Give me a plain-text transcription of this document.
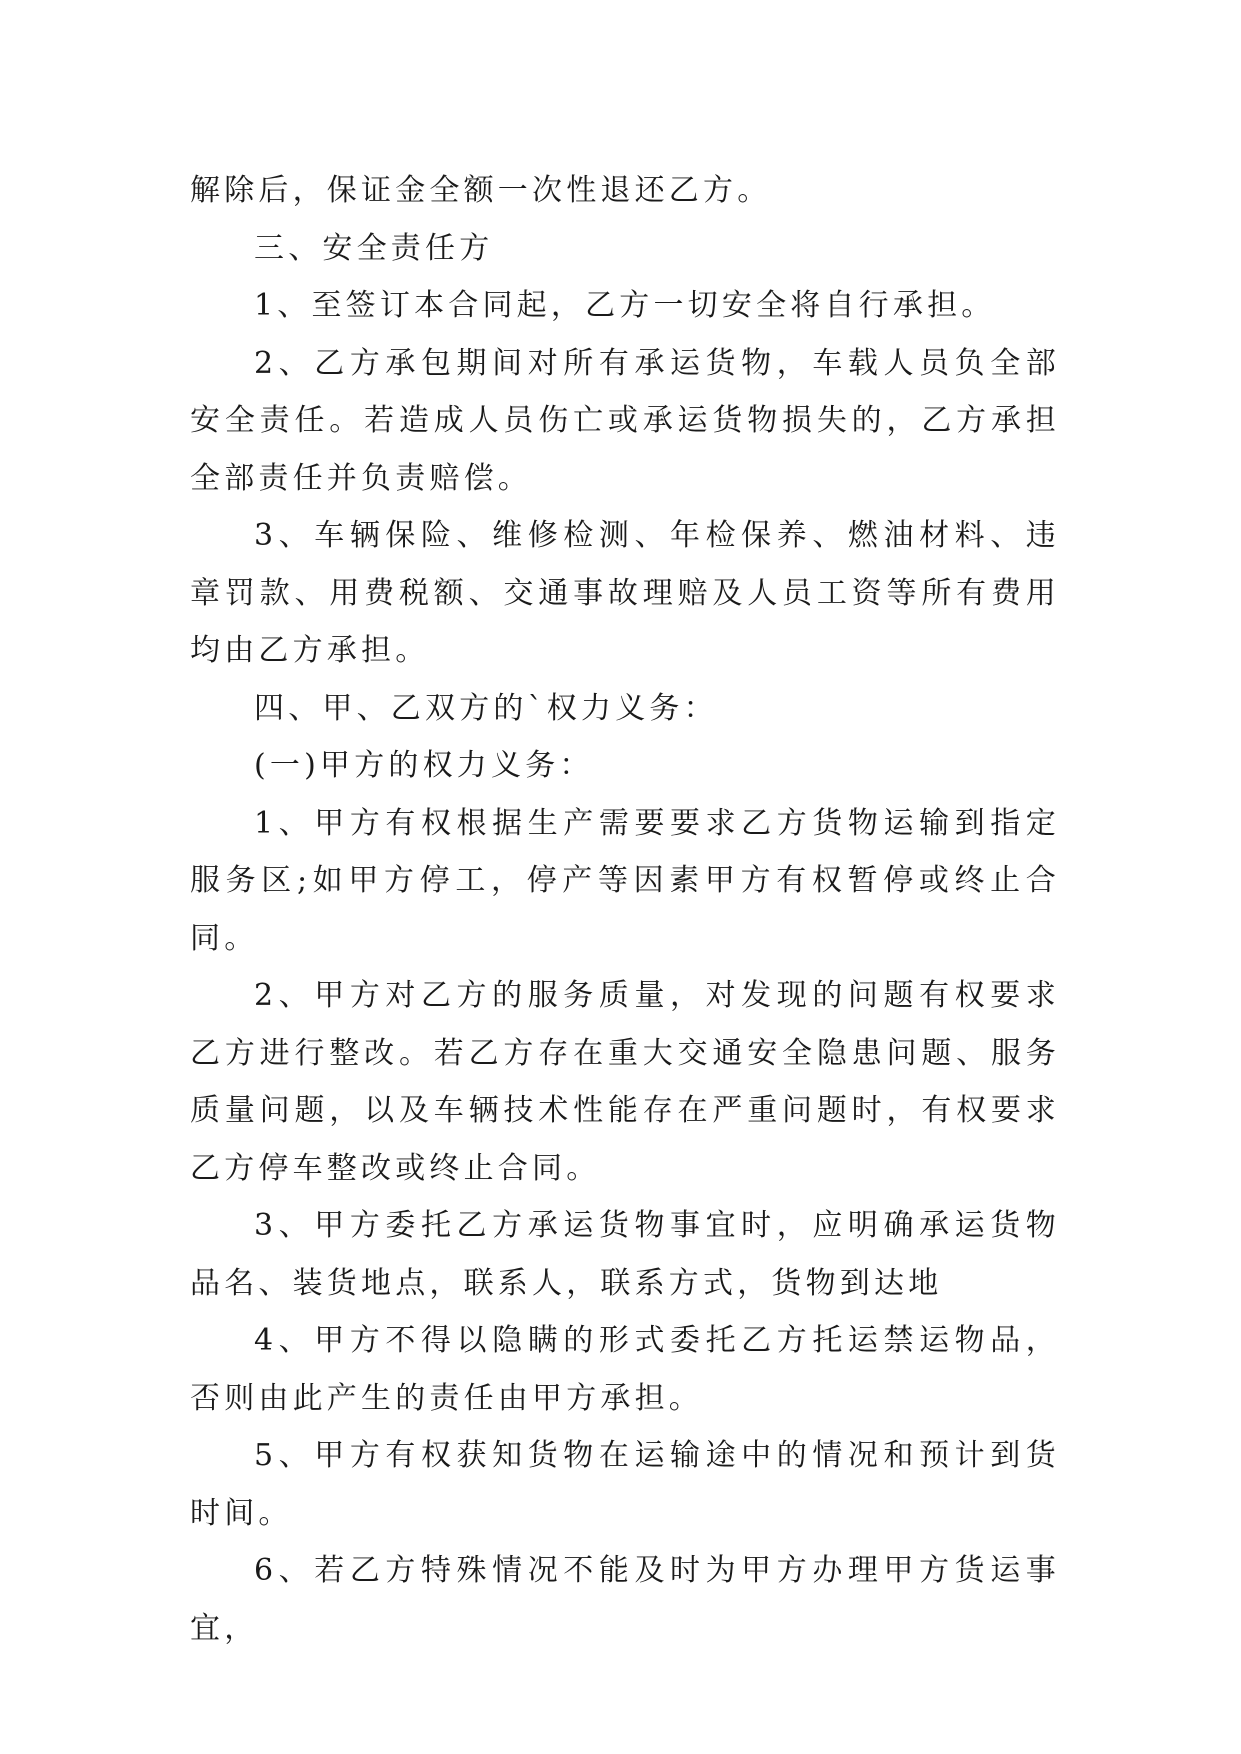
解除后，保证金全额一次性退还乙方。

三、安全责任方

1、至签订本合同起，乙方一切安全将自行承担。

2、乙方承包期间对所有承运货物，车载人员负全部安全责任。若造成人员伤亡或承运货物损失的，乙方承担全部责任并负责赔偿。

3、车辆保险、维修检测、年检保养、燃油材料、违章罚款、用费税额、交通事故理赔及人员工资等所有费用均由乙方承担。

四、甲、乙双方的`权力义务：

(一)甲方的权力义务：

1、甲方有权根据生产需要要求乙方货物运输到指定服务区;如甲方停工，停产等因素甲方有权暂停或终止合同。

2、甲方对乙方的服务质量，对发现的问题有权要求乙方进行整改。若乙方存在重大交通安全隐患问题、服务质量问题，以及车辆技术性能存在严重问题时，有权要求乙方停车整改或终止合同。

3、甲方委托乙方承运货物事宜时，应明确承运货物品名、装货地点，联系人，联系方式，货物到达地

4、甲方不得以隐瞒的形式委托乙方托运禁运物品，否则由此产生的责任由甲方承担。

5、甲方有权获知货物在运输途中的情况和预计到货时间。

6、若乙方特殊情况不能及时为甲方办理甲方货运事宜，
